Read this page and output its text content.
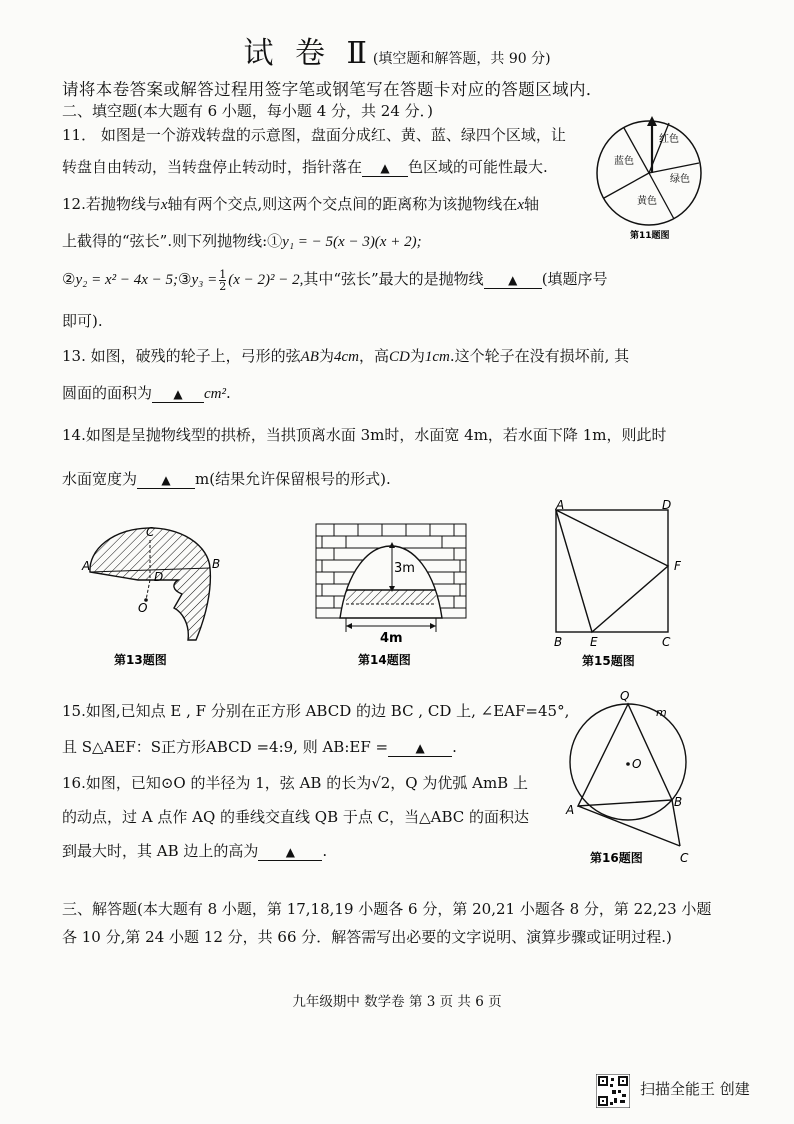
试 卷 Ⅱ(填空题和解答题，共 90 分)
请将本卷答案或解答过程用签字笔或钢笔写在答题卡对应的答题区域内．
二、填空题(本大题有 6 小题，每小题 4 分，共 24 分．)
11． 如图是一个游戏转盘的示意图，盘面分成红、黄、蓝、绿四个区域，让
转盘自由转动，当转盘停止转动时，指针落在 ▲ 色区域的可能性最大.
红色
蓝色
绿色
黄色
第11题图
12.若抛物线与x轴有两个交点,则这两个交点间的距离称为该抛物线在x轴
上截得的“弦长”.则下列抛物线:①y₁ = − 5(x − 3)(x + 2);
②y₂ = x² − 4x − 5;③y₃ = $\frac{1}{2} (x - 2)^2 - 2$,其中“弦长”最大的是抛物线 ▲ (填题序号
即可).
13. 如图，破残的轮子上，弓形的弦AB为4cm，高CD为1cm.这个轮子在没有损坏前, 其
圆面的面积为 ▲ cm².
14.如图是呈抛物线型的拱桥，当拱顶离水面 3m时，水面宽 4m，若水面下降 1m，则此时
水面宽度为 ▲ m(结果允许保留根号的形式).
A	B
C
D
O
第13题图
3m
4m
第14题图
A	D
F
B E	C
第15题图
15.如图,已知点 E , F 分别在正方形 ABCD 的边 BC , CD 上, ∠EAF=45°,
且 S△AEF：S正方形ABCD =4:9, 则 AB:EF = ▲ .
16.如图，已知⊙O 的半径为 1，弦 AB 的长为√2，Q 为优弧 AmB 上
的动点，过 A 点作 AQ 的垂线交直线 QB 于点 C，当△ABC 的面积达
到最大时，其 AB 边上的高为 ▲ .
Q
m
O
A
B
C
第16题图
三、解答题(本大题有 8 小题，第 17,18,19 小题各 6 分，第 20,21 小题各 8 分，第 22,23 小题
各 10 分,第 24 小题 12 分，共 66 分．解答需写出必要的文字说明、演算步骤或证明过程.)
九年级期中 数学卷 第 3 页 共 6 页
扫描全能王 创建
